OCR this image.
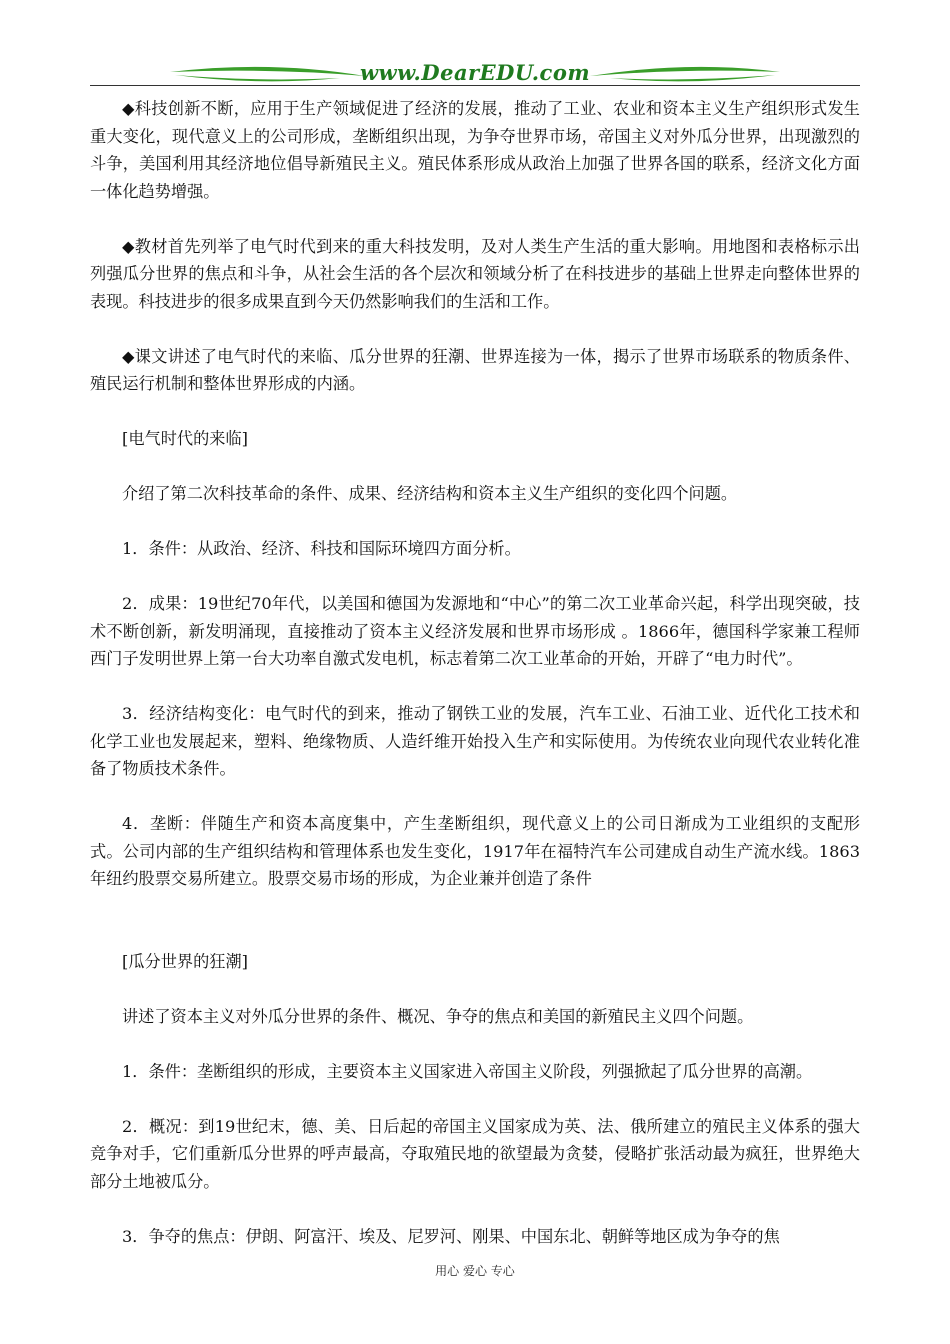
www.DearEDU.com

◆科技创新不断，应用于生产领域促进了经济的发展，推动了工业、农业和资本主义生产组织形式发生重大变化，现代意义上的公司形成，垄断组织出现，为争夺世界市场，帝国主义对外瓜分世界，出现激烈的斗争，美国利用其经济地位倡导新殖民主义。殖民体系形成从政治上加强了世界各国的联系，经济文化方面一体化趋势增强。

◆教材首先列举了电气时代到来的重大科技发明，及对人类生产生活的重大影响。用地图和表格标示出列强瓜分世界的焦点和斗争，从社会生活的各个层次和领域分析了在科技进步的基础上世界走向整体世界的表现。科技进步的很多成果直到今天仍然影响我们的生活和工作。

◆课文讲述了电气时代的来临、瓜分世界的狂潮、世界连接为一体，揭示了世界市场联系的物质条件、殖民运行机制和整体世界形成的内涵。

[电气时代的来临]

介绍了第二次科技革命的条件、成果、经济结构和资本主义生产组织的变化四个问题。

1．条件：从政治、经济、科技和国际环境四方面分析。

2．成果：19世纪70年代，以美国和德国为发源地和“中心”的第二次工业革命兴起，科学出现突破，技术不断创新，新发明涌现，直接推动了资本主义经济发展和世界市场形成 。1866年，德国科学家兼工程师西门子发明世界上第一台大功率自激式发电机，标志着第二次工业革命的开始，开辟了“电力时代”。

3．经济结构变化：电气时代的到来，推动了钢铁工业的发展，汽车工业、石油工业、近代化工技术和化学工业也发展起来，塑料、绝缘物质、人造纤维开始投入生产和实际使用。为传统农业向现代农业转化准备了物质技术条件。

4．垄断：伴随生产和资本高度集中，产生垄断组织，现代意义上的公司日渐成为工业组织的支配形式。公司内部的生产组织结构和管理体系也发生变化，1917年在福特汽车公司建成自动生产流水线。1863年纽约股票交易所建立。股票交易市场的形成，为企业兼并创造了条件

[瓜分世界的狂潮]

讲述了资本主义对外瓜分世界的条件、概况、争夺的焦点和美国的新殖民主义四个问题。

1．条件：垄断组织的形成，主要资本主义国家进入帝国主义阶段，列强掀起了瓜分世界的高潮。

2．概况：到19世纪末，德、美、日后起的帝国主义国家成为英、法、俄所建立的殖民主义体系的强大竞争对手，它们重新瓜分世界的呼声最高，夺取殖民地的欲望最为贪婪，侵略扩张活动最为疯狂，世界绝大部分土地被瓜分。

3．争夺的焦点：伊朗、阿富汗、埃及、尼罗河、刚果、中国东北、朝鲜等地区成为争夺的焦

用心 爱心 专心
